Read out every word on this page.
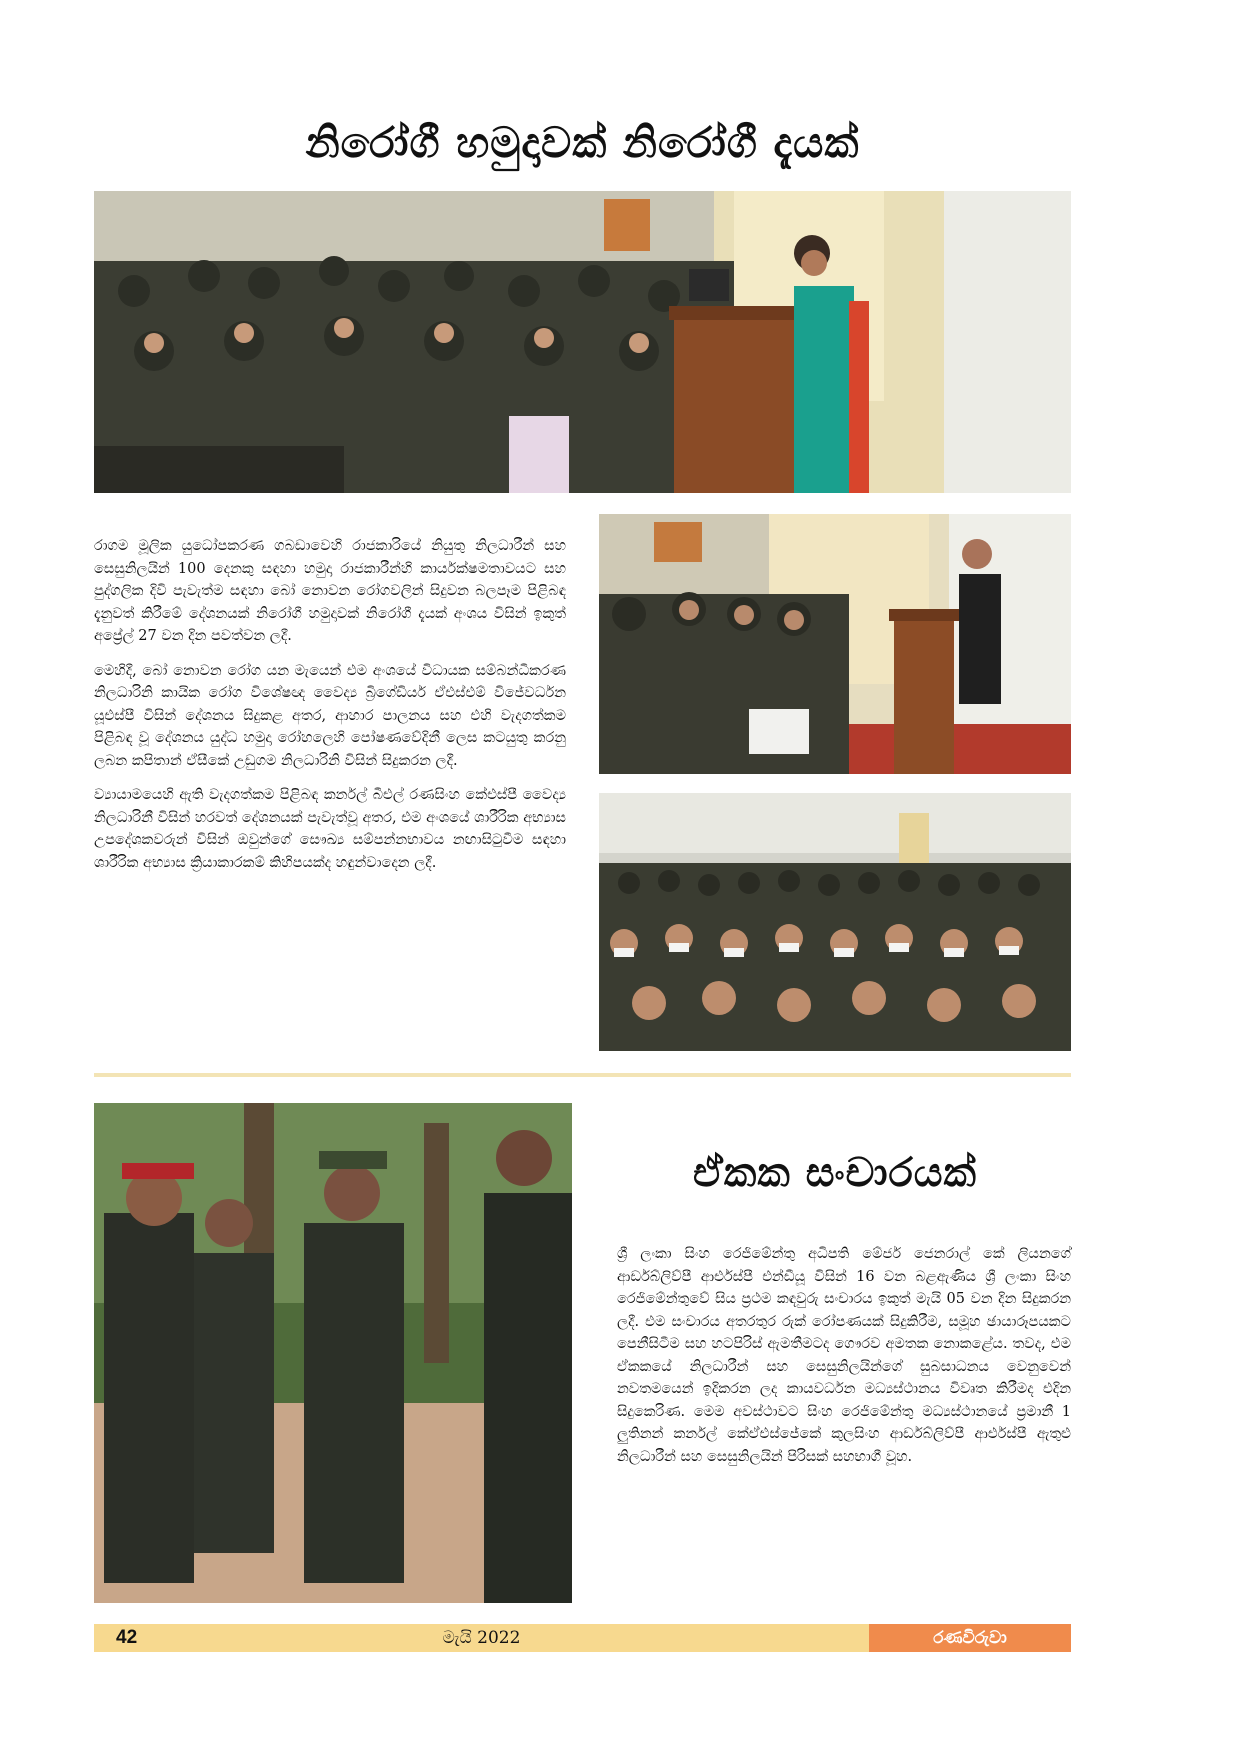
නිරෝගී හමුදාවක් නිරෝගී දැයක්

රාගම මූලික යුධෝපකරණ ගබඩාවෙහි රාජකාරියේ නියුතු නිලධාරීන් සහ සෙසුනිලයින් 100 දෙනකු සඳහා හමුදා රාජකාරීන්හි කාර්යක්ෂමතාවයට සහ පුද්ගලික දිවි පැවැත්ම සඳහා බෝ නොවන රෝගවලින් සිදුවන බලපෑම පිළිබඳ දැනුවත් කිරීමේ දේශනයක් නිරෝගී හමුදාවක් නිරෝගී දැයක් අංශය විසින් ඉකුත් අප්‍රේල් 27 වන දින පවත්වන ලදී.

මෙහිදී, බෝ නොවන රෝග යන මැයෙන් එම අංශයේ විධායක සම්බන්ධීකරණ නිලධාරිනි කායික රෝග විශේෂඥ වෛද්‍ය බ්‍රිගේඩියර් ඒඑස්එම් විජේවර්ධන යූඑස්පී විසින් දේශනය සිදුකළ අතර, ආහාර පාලනය සහ එහි වැදගත්කම පිළිබඳ වූ දේශනය යුද්ධ හමුදා රෝහලෙහි පෝෂණවේදිනී ලෙස කටයුතු කරනු ලබන කපිතාන් ඒසීකේ උඩුගම නිලධාරිනි විසින් සිදුකරන ලදී.

ව්‍යායාමයෙහි ඇති වැදගත්කම පිළිබඳ කර්නල් බීඑල් රණසිංහ කේඑස්පී වෛද්‍ය නිලධාරිනී විසින් හරවත් දේශනයක් පැවැත්වූ අතර, එම අංශයේ ශාරීරික අභ්‍යාස උපදේශකවරුන් විසින් ඔවුන්ගේ සෞඛ්‍ය සම්පන්නභාවය නඟාසිටුවීම සඳහා ශාරීරික අභ්‍යාස ක්‍රියාකාරකම් කිහිපයක්ද හඳුන්වාදෙන ලදී.

ඒකක සංචාරයක්

ශ්‍රී ලංකා සිංහ රෙජිමේන්තු අධිපති මේජර් ජෙනරාල් කේ ලියනගේ ආර්ඩබ්ලිව්පී ආර්එස්පී එන්ඩීයූ විසින් 16 වන බළඇණිය ශ්‍රී ලංකා සිංහ රෙජිමේන්තුවේ සිය ප්‍රථම කඳවුරු සංචාරය ඉකුත් මැයි 05 වන දින සිදුකරන ලදී. එම සංචාරය අතරතුර රුක් රෝපණයක් සිදුකිරීම, සමූහ ඡායාරූපයකට පෙනීසිටීම සහ හටපිරිස් ඇමතීමටද ගෞරව අමතක නොකළේය. තවද, එම ඒකකයේ නිලධාරීන් සහ සෙසුනිලයින්ගේ සුබසාධනය වෙනුවෙන් නවතමයෙන් ඉදිකරන ලද කායවර්ධන මධ්‍යස්ථානය විවෘත කිරීමද එදින සිදුකෙරිණ. මෙම අවස්ථාවට සිංහ රෙජිමේන්තු මධ්‍යස්ථානයේ ප්‍රමානී 1 ලුතිනන් කර්නල් කේඒඑස්ජේකේ කුලසිංහ ආර්ඩබ්ලිව්පී ආර්එස්පී ඇතුළු නිලධාරීන් සහ සෙසුනිලයින් පිරිසක් සහභාගී වූහ.

42	මැයි 2022	රණවිරුවා
